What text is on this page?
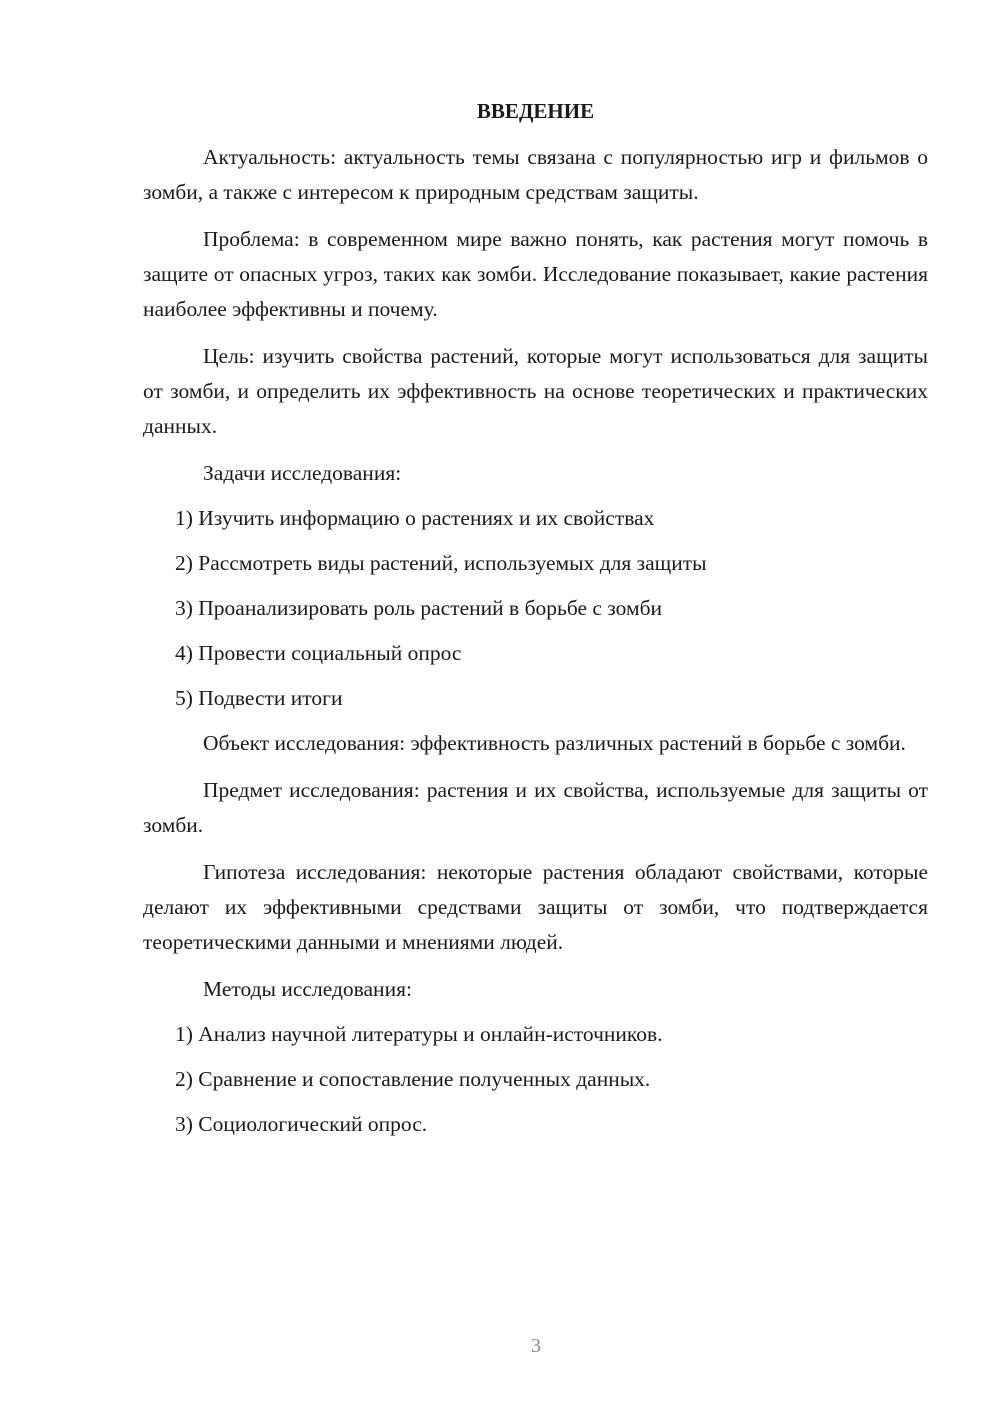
ВВЕДЕНИЕ

Актуальность: актуальность темы связана с популярностью игр и фильмов о зомби, а также с интересом к природным средствам защиты.

Проблема: в современном мире важно понять, как растения могут помочь в защите от опасных угроз, таких как зомби. Исследование показывает, какие растения наиболее эффективны и почему.

Цель: изучить свойства растений, которые могут использоваться для защиты от зомби, и определить их эффективность на основе теоретических и практических данных.

Задачи исследования:

1) Изучить информацию о растениях и их свойствах
2) Рассмотреть виды растений, используемых для защиты
3) Проанализировать роль растений в борьбе с зомби
4) Провести социальный опрос
5) Подвести итоги

Объект исследования: эффективность различных растений в борьбе с зомби.

Предмет исследования: растения и их свойства, используемые для защиты от зомби.

Гипотеза исследования: некоторые растения обладают свойствами, которые делают их эффективными средствами защиты от зомби, что подтверждается теоретическими данными и мнениями людей.

Методы исследования:

1) Анализ научной литературы и онлайн-источников.
2) Сравнение и сопоставление полученных данных.
3) Социологический опрос.
3
